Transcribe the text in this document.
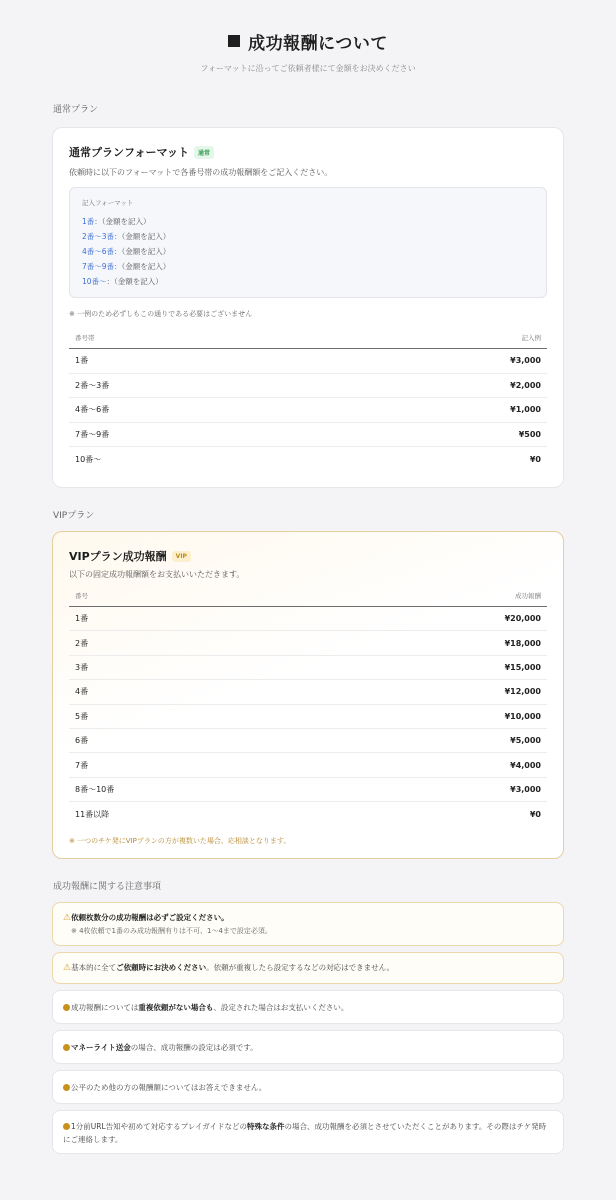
成功報酬について
フォーマットに沿ってご依頼者様にて金額をお決めください
通常プラン
通常プランフォーマット	通常
依頼時に以下のフォーマットで各番号帯の成功報酬額をご記入ください。
記入フォーマット
1番：（金額を記入）
2番〜3番：（金額を記入）
4番〜6番：（金額を記入）
7番〜9番：（金額を記入）
10番〜：（金額を記入）
※ 一例のため必ずしもこの通りである必要はございません
番号帯	記入例
1番	¥3,000
2番〜3番	¥2,000
4番〜6番	¥1,000
7番〜9番	¥500
10番〜	¥0
VIPプラン
VIPプラン成功報酬	VIP
以下の固定成功報酬額をお支払いいただきます。
番号	成功報酬
1番	¥20,000
2番	¥18,000
3番	¥15,000
4番	¥12,000
5番	¥10,000
6番	¥5,000
7番	¥4,000
8番〜10番	¥3,000
11番以降	¥0
※ 一つのチケ発にVIPプランの方が複数いた場合、応相談となります。
成功報酬に関する注意事項
⚠依頼枚数分の成功報酬は必ずご設定ください。
※ 4枚依頼で1番のみ成功報酬有りは不可、1〜4まで設定必須。
⚠基本的に全てご依頼時にお決めください。依頼が重複したら設定するなどの対応はできません。
成功報酬については重複依頼がない場合も、設定された場合はお支払いください。
マネーライト送金の場合、成功報酬の設定は必須です。
公平のため他の方の報酬額についてはお答えできません。
1分前URL告知や初めて対応するプレイガイドなどの特殊な条件の場合、成功報酬を必須とさせていただくことがあります。その際はチケ発時にご連絡します。
